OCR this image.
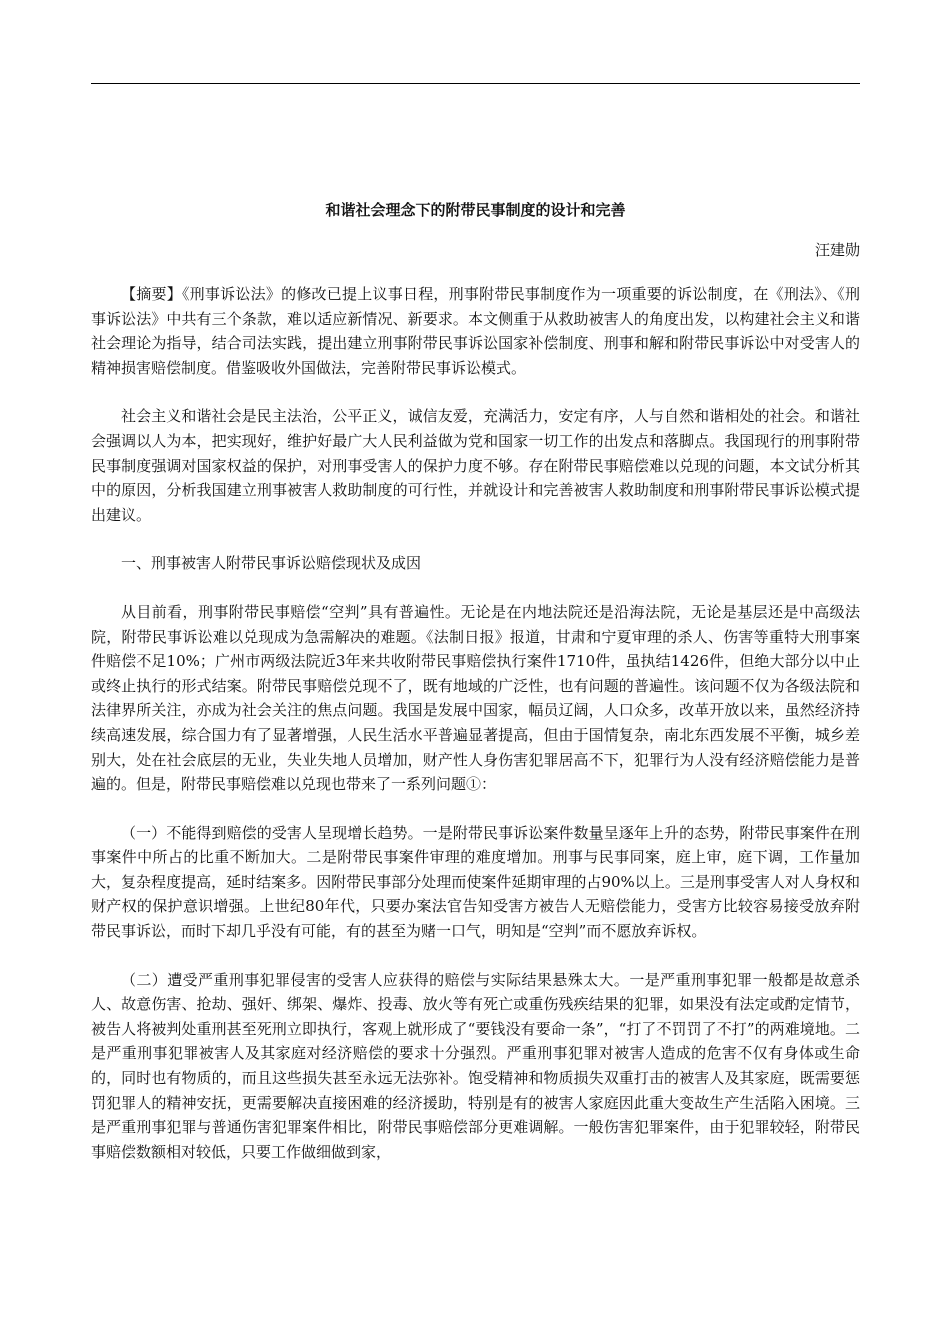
和谐社会理念下的附带民事制度的设计和完善

汪建勋

【摘要】《刑事诉讼法》的修改已提上议事日程，刑事附带民事制度作为一项重要的诉讼制度，在《刑法》、《刑事诉讼法》中共有三个条款，难以适应新情况、新要求。本文侧重于从救助被害人的角度出发，以构建社会主义和谐社会理论为指导，结合司法实践，提出建立刑事附带民事诉讼国家补偿制度、刑事和解和附带民事诉讼中对受害人的精神损害赔偿制度。借鉴吸收外国做法，完善附带民事诉讼模式。

社会主义和谐社会是民主法治，公平正义，诚信友爱，充满活力，安定有序，人与自然和谐相处的社会。和谐社会强调以人为本，把实现好，维护好最广大人民利益做为党和国家一切工作的出发点和落脚点。我国现行的刑事附带民事制度强调对国家权益的保护，对刑事受害人的保护力度不够。存在附带民事赔偿难以兑现的问题，本文试分析其中的原因，分析我国建立刑事被害人救助制度的可行性，并就设计和完善被害人救助制度和刑事附带民事诉讼模式提出建议。

一、刑事被害人附带民事诉讼赔偿现状及成因

从目前看，刑事附带民事赔偿“空判”具有普遍性。无论是在内地法院还是沿海法院，无论是基层还是中高级法院，附带民事诉讼难以兑现成为急需解决的难题。《法制日报》报道，甘肃和宁夏审理的杀人、伤害等重特大刑事案件赔偿不足10%；广州市两级法院近3年来共收附带民事赔偿执行案件1710件，虽执结1426件，但绝大部分以中止或终止执行的形式结案。附带民事赔偿兑现不了，既有地域的广泛性，也有问题的普遍性。该问题不仅为各级法院和法律界所关注，亦成为社会关注的焦点问题。我国是发展中国家，幅员辽阔，人口众多，改革开放以来，虽然经济持续高速发展，综合国力有了显著增强，人民生活水平普遍显著提高，但由于国情复杂，南北东西发展不平衡，城乡差别大，处在社会底层的无业，失业失地人员增加，财产性人身伤害犯罪居高不下，犯罪行为人没有经济赔偿能力是普遍的。但是，附带民事赔偿难以兑现也带来了一系列问题①：

（一）不能得到赔偿的受害人呈现增长趋势。一是附带民事诉讼案件数量呈逐年上升的态势，附带民事案件在刑事案件中所占的比重不断加大。二是附带民事案件审理的难度增加。刑事与民事同案，庭上审，庭下调，工作量加大，复杂程度提高，延时结案多。因附带民事部分处理而使案件延期审理的占90%以上。三是刑事受害人对人身权和财产权的保护意识增强。上世纪80年代，只要办案法官告知受害方被告人无赔偿能力，受害方比较容易接受放弃附带民事诉讼，而时下却几乎没有可能，有的甚至为赌一口气，明知是“空判”而不愿放弃诉权。

（二）遭受严重刑事犯罪侵害的受害人应获得的赔偿与实际结果悬殊太大。一是严重刑事犯罪一般都是故意杀人、故意伤害、抢劫、强奸、绑架、爆炸、投毒、放火等有死亡或重伤残疾结果的犯罪，如果没有法定或酌定情节，被告人将被判处重刑甚至死刑立即执行，客观上就形成了“要钱没有要命一条”，“打了不罚罚了不打”的两难境地。二是严重刑事犯罪被害人及其家庭对经济赔偿的要求十分强烈。严重刑事犯罪对被害人造成的危害不仅有身体或生命的，同时也有物质的，而且这些损失甚至永远无法弥补。饱受精神和物质损失双重打击的被害人及其家庭，既需要惩罚犯罪人的精神安抚，更需要解决直接困难的经济援助，特别是有的被害人家庭因此重大变故生产生活陷入困境。三是严重刑事犯罪与普通伤害犯罪案件相比，附带民事赔偿部分更难调解。一般伤害犯罪案件，由于犯罪较轻，附带民事赔偿数额相对较低，只要工作做细做到家，
